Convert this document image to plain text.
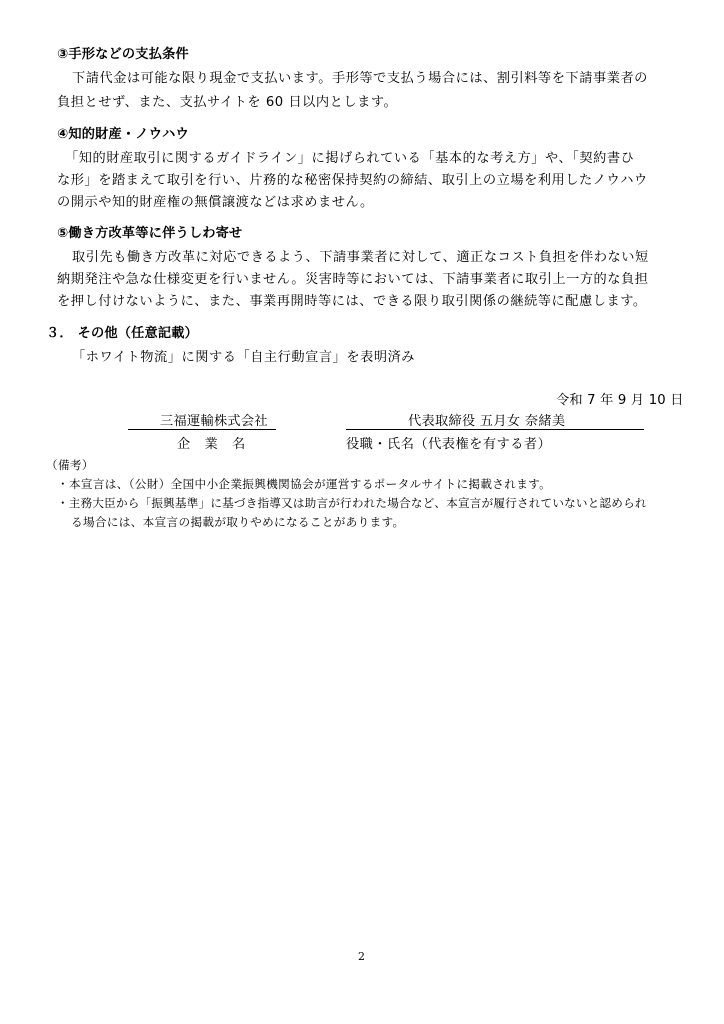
③手形などの支払条件
下請代金は可能な限り現金で支払います。手形等で支払う場合には、割引料等を下請事業者の
負担とせず、また、支払サイトを 60 日以内とします。
④知的財産・ノウハウ
「知的財産取引に関するガイドライン」に掲げられている「基本的な考え方」や、「契約書ひ
な形」を踏まえて取引を行い、片務的な秘密保持契約の締結、取引上の立場を利用したノウハウ
の開示や知的財産権の無償譲渡などは求めません。
⑤働き方改革等に伴うしわ寄せ
取引先も働き方改革に対応できるよう、下請事業者に対して、適正なコスト負担を伴わない短
納期発注や急な仕様変更を行いません。災害時等においては、下請事業者に取引上一方的な負担
を押し付けないように、また、事業再開時等には、できる限り取引関係の継続等に配慮します。
３． その他（任意記載）
「ホワイト物流」に関する「自主行動宣言」を表明済み
令和 7 年 9 月 10 日
三福運輸株式会社	代表取締役 五月女 奈緒美
企 業 名	役職・氏名（代表権を有する者）
（備考）
・本宣言は、（公財）全国中小企業振興機関協会が運営するポータルサイトに掲載されます。
・主務大臣から「振興基準」に基づき指導又は助言が行われた場合など、本宣言が履行されていないと認められ
る場合には、本宣言の掲載が取りやめになることがあります。
2
